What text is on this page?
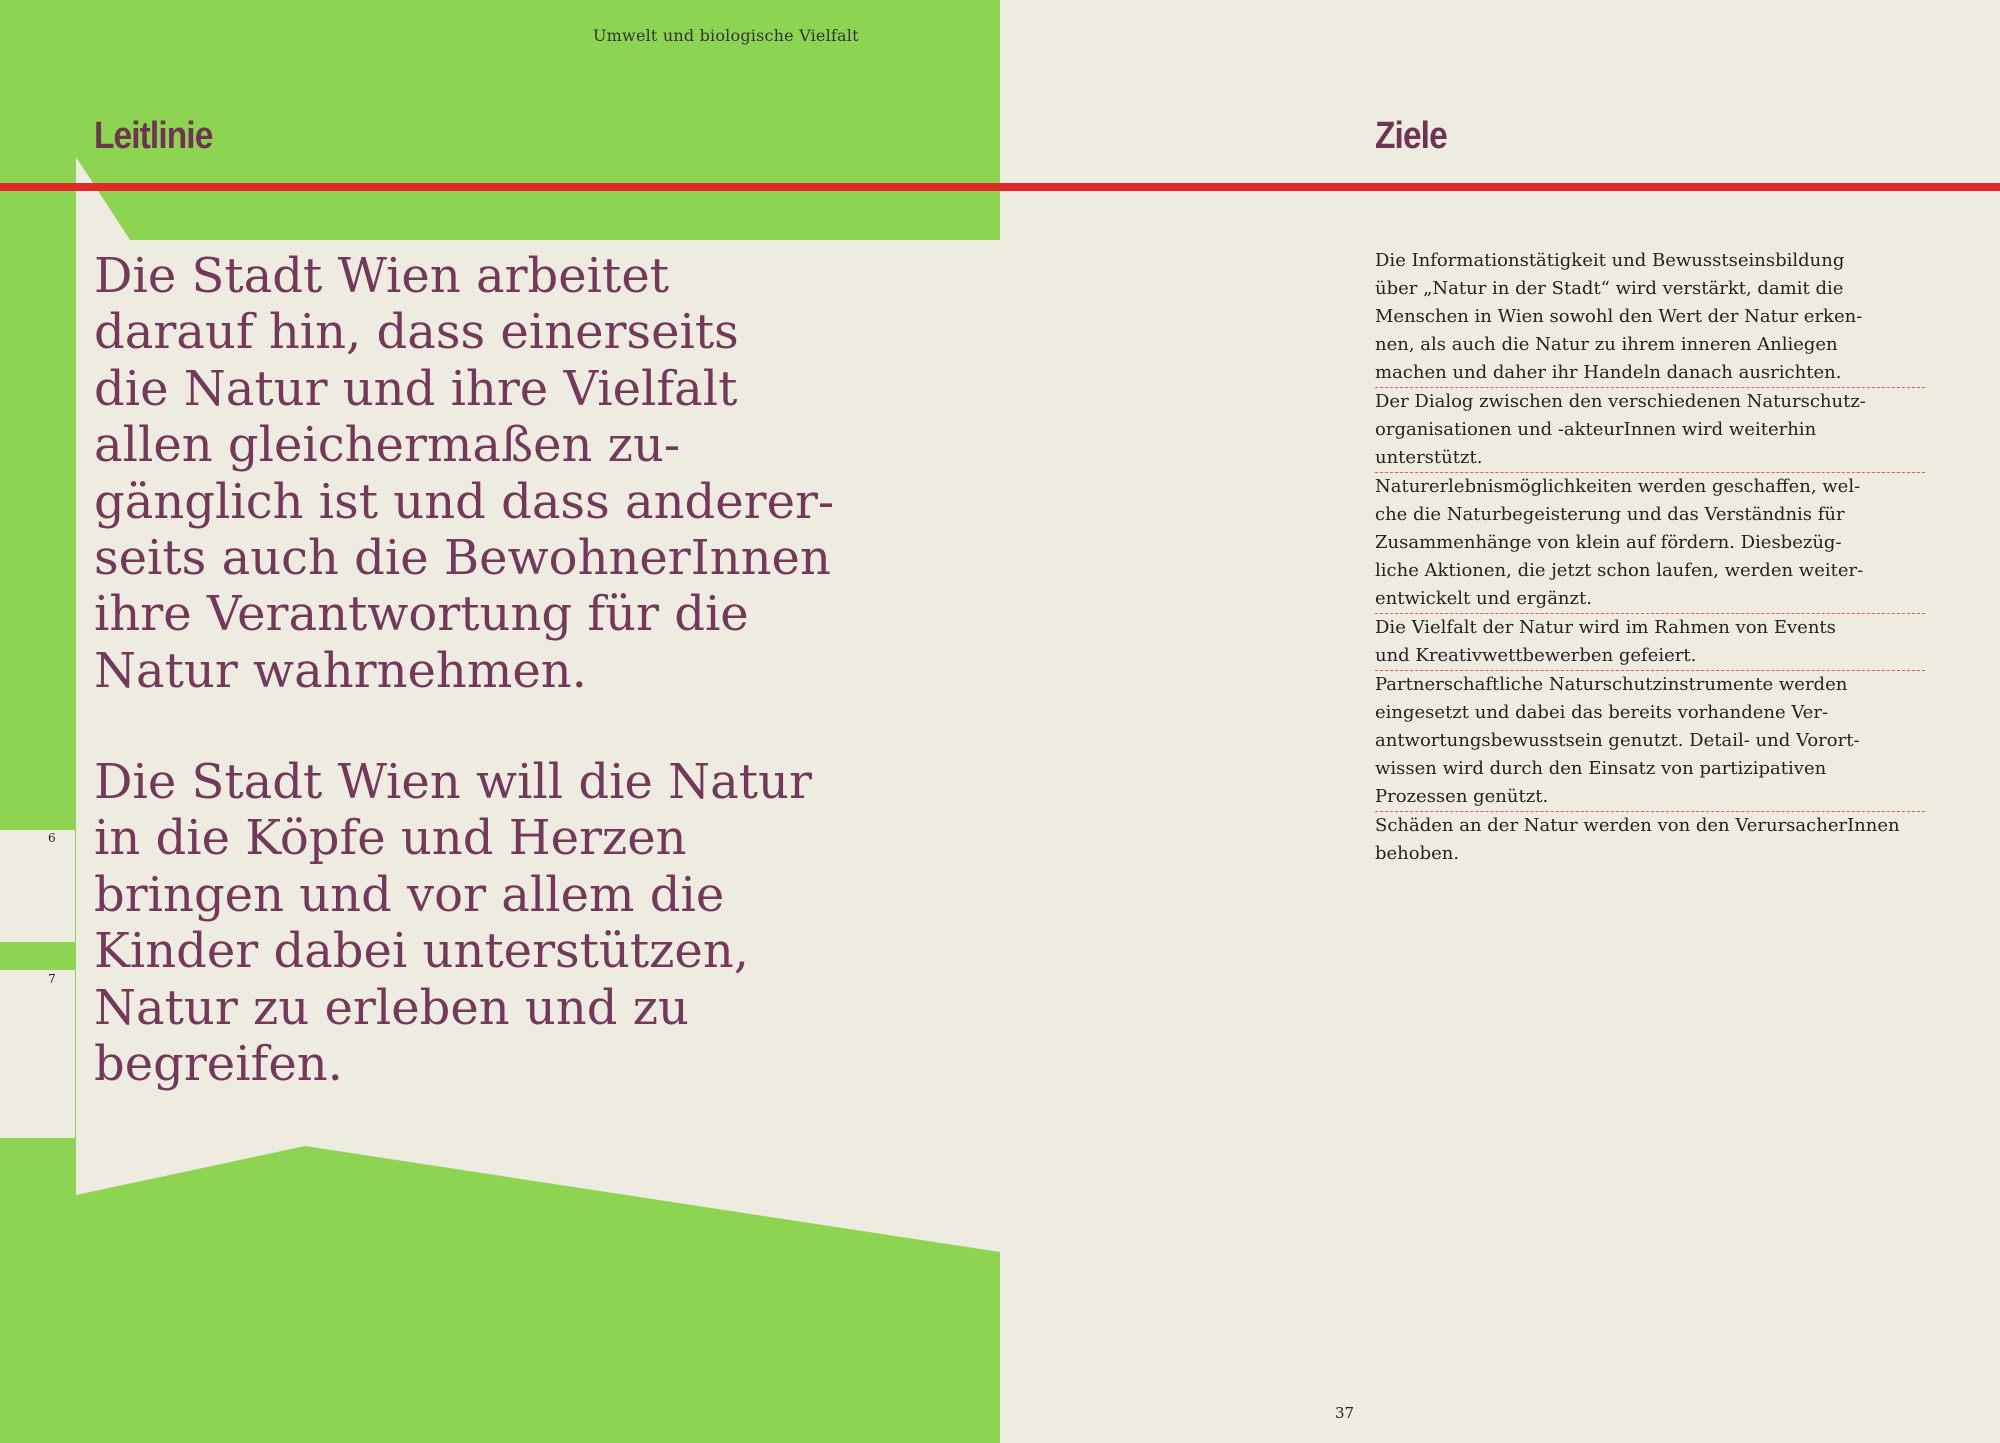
Umwelt und biologische Vielfalt
Leitlinie	Ziele
6
7
Die Stadt Wien arbeitet
darauf hin, dass einerseits
die Natur und ihre Vielfalt
allen gleichermaßen zu-
gänglich ist und dass anderer-
seits auch die BewohnerInnen
ihre Verantwortung für die
Natur wahrnehmen.
Die Stadt Wien will die Natur
in die Köpfe und Herzen
bringen und vor allem die
Kinder dabei unterstützen,
Natur zu erleben und zu
begreifen.
Die Informationstätigkeit und Bewusstseinsbildung
über „Natur in der Stadt“ wird verstärkt, damit die
Menschen in Wien sowohl den Wert der Natur erken-
nen, als auch die Natur zu ihrem inneren Anliegen
machen und daher ihr Handeln danach ausrichten.
Der Dialog zwischen den verschiedenen Naturschutz-
organisationen und -akteurInnen wird weiterhin
unterstützt.
Naturerlebnismöglichkeiten werden geschaffen, wel-
che die Naturbegeisterung und das Verständnis für
Zusammenhänge von klein auf fördern. Diesbezüg-
liche Aktionen, die jetzt schon laufen, werden weiter-
entwickelt und ergänzt.
Die Vielfalt der Natur wird im Rahmen von Events
und Kreativwettbewerben gefeiert.
Partnerschaftliche Naturschutzinstrumente werden
eingesetzt und dabei das bereits vorhandene Ver-
antwortungsbewusstsein genutzt. Detail- und Vorort-
wissen wird durch den Einsatz von partizipativen
Prozessen genützt.
Schäden an der Natur werden von den VerursacherInnen
behoben.
37
